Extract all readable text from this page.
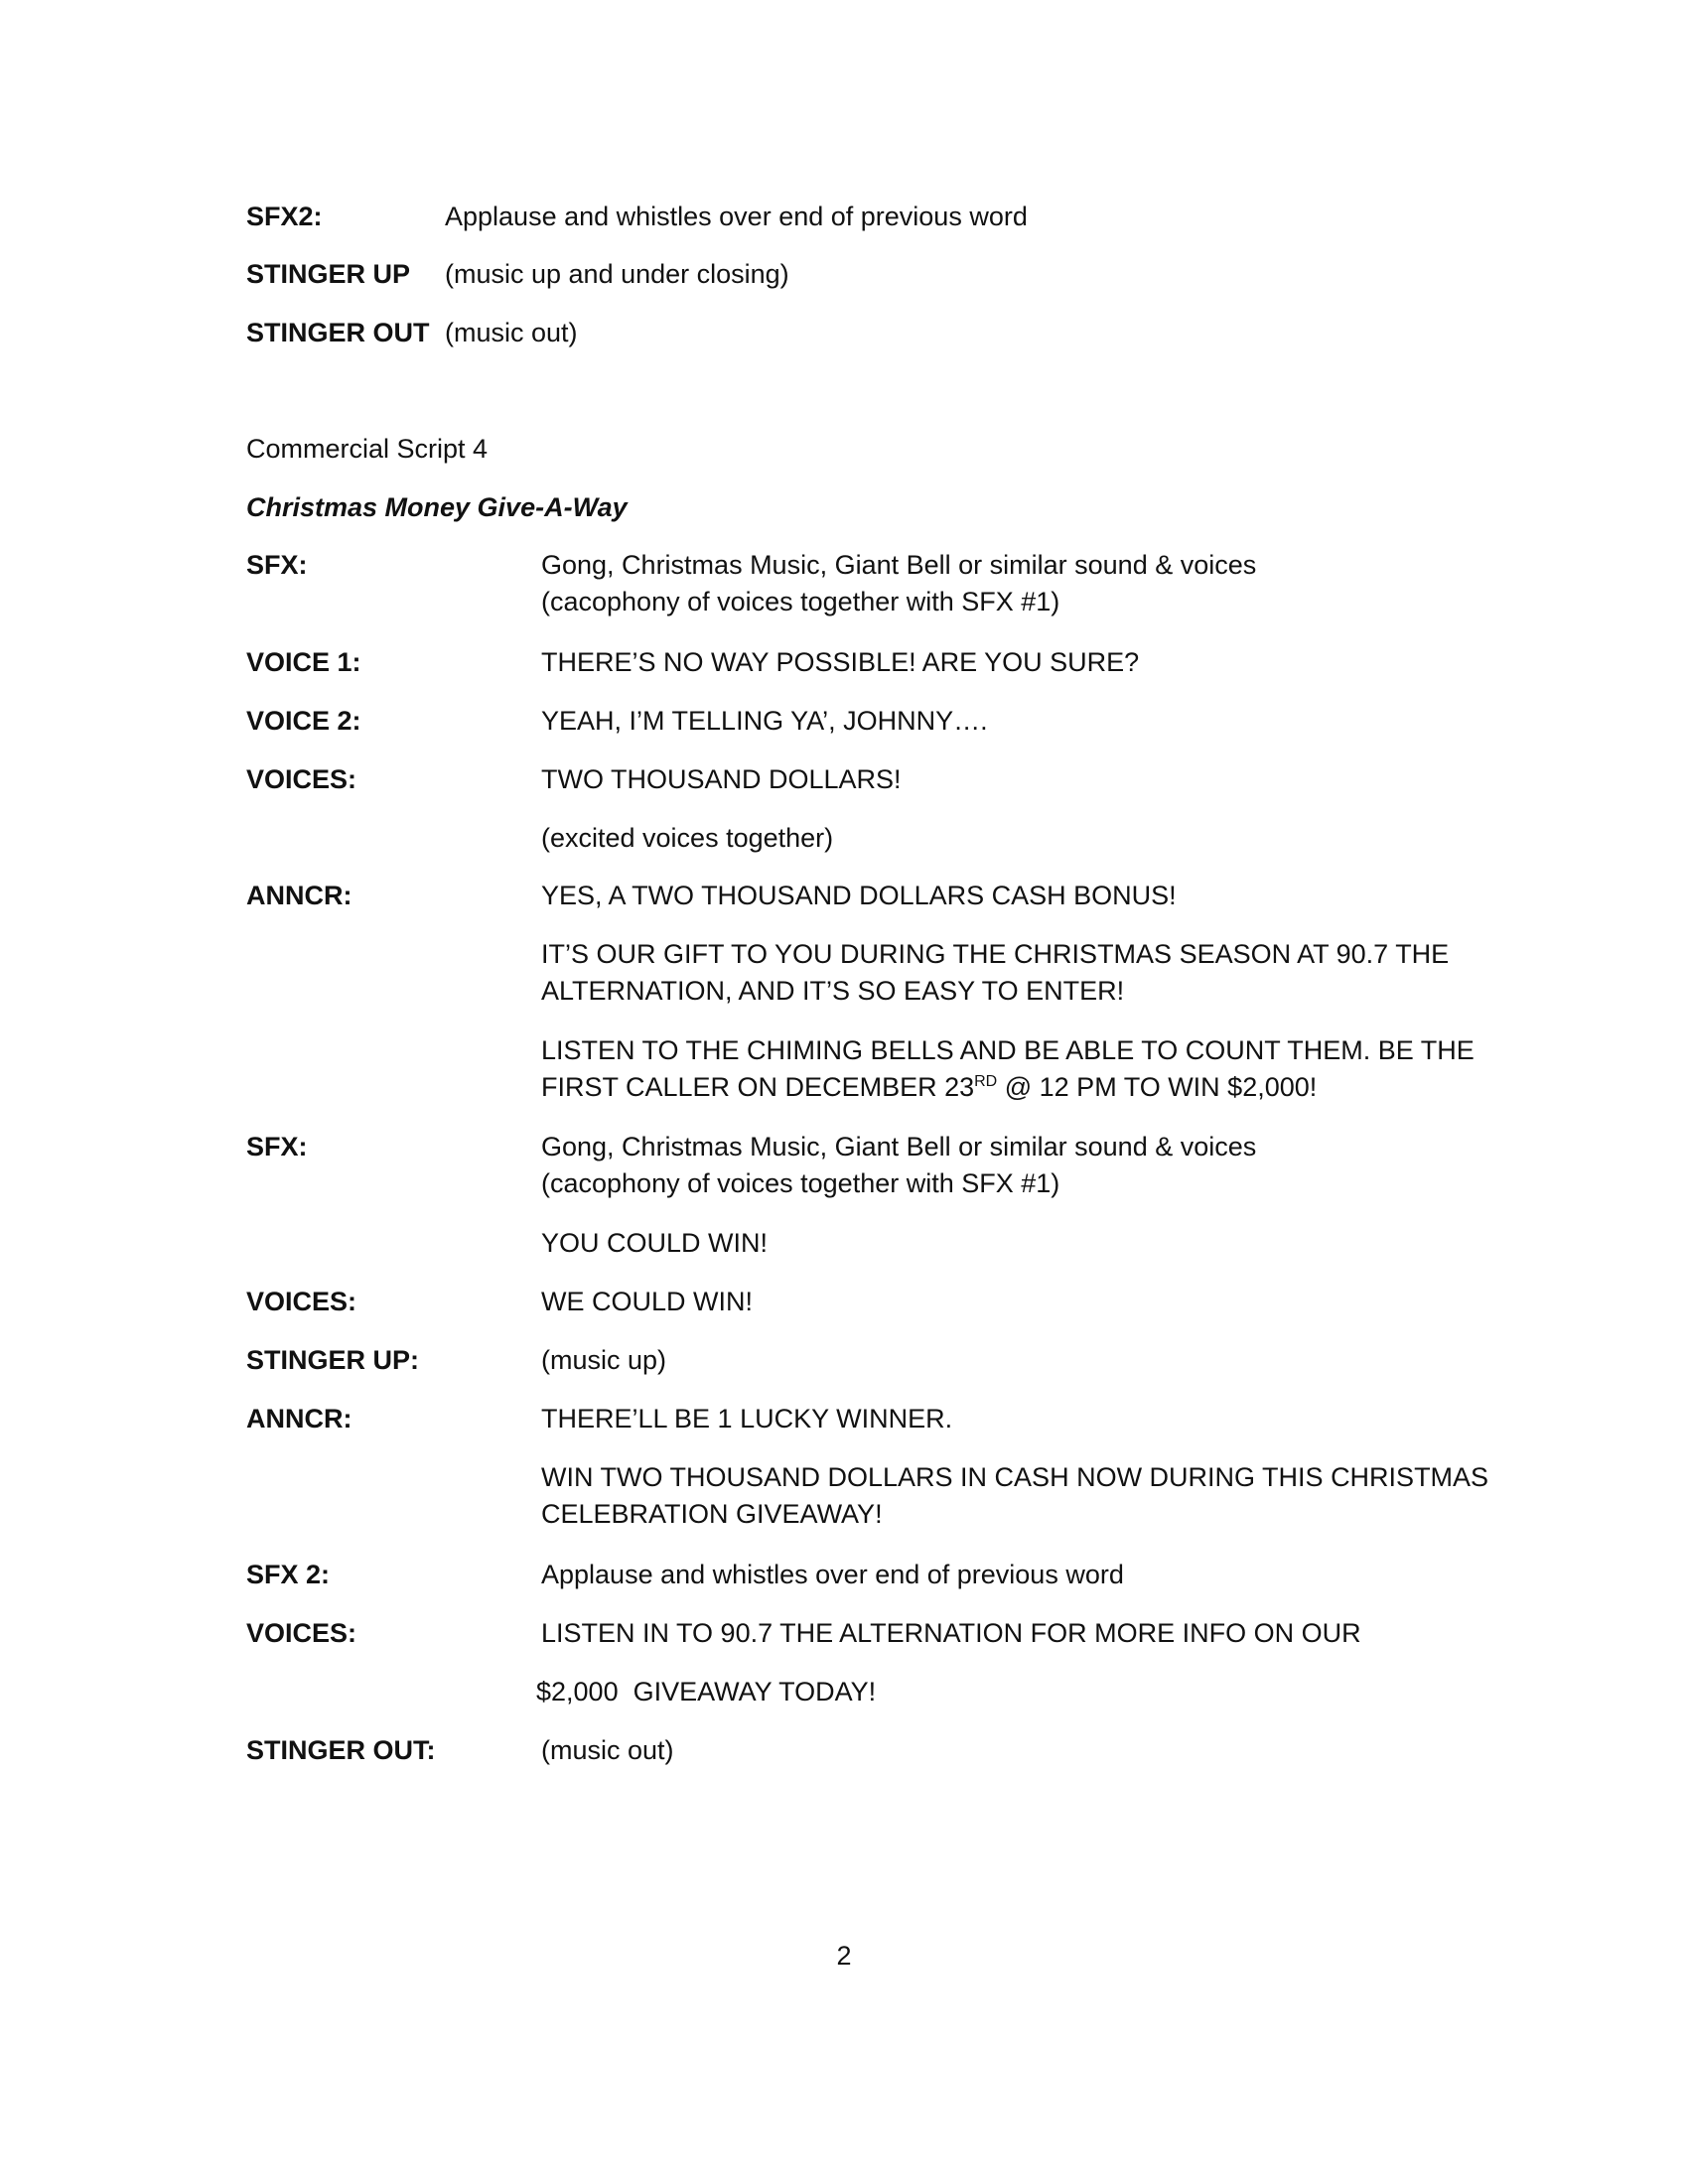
SFX2:	Applause and whistles over end of previous word
STINGER UP (music up and under closing)
STINGER OUT (music out)
Commercial Script 4
Christmas Money Give-A-Way
SFX:	Gong, Christmas Music, Giant Bell or similar sound & voices
(cacophony of voices together with SFX #1)
VOICE 1:	THERE’S NO WAY POSSIBLE! ARE YOU SURE?
VOICE 2:	YEAH, I’M TELLING YA’, JOHNNY….
VOICES:	TWO THOUSAND DOLLARS!
(excited voices together)
ANNCR:	YES, A TWO THOUSAND DOLLARS CASH BONUS!
IT’S OUR GIFT TO YOU DURING THE CHRISTMAS SEASON AT 90.7 THE
ALTERNATION, AND IT’S SO EASY TO ENTER!
LISTEN TO THE CHIMING BELLS AND BE ABLE TO COUNT THEM. BE THE
FIRST CALLER ON DECEMBER 23RD @ 12 PM TO WIN $2,000!
SFX:	Gong, Christmas Music, Giant Bell or similar sound & voices
(cacophony of voices together with SFX #1)
YOU COULD WIN!
VOICES:	WE COULD WIN!
STINGER UP:	(music up)
ANNCR:	THERE’LL BE 1 LUCKY WINNER.
WIN TWO THOUSAND DOLLARS IN CASH NOW DURING THIS CHRISTMAS
CELEBRATION GIVEAWAY!
SFX 2:	Applause and whistles over end of previous word
VOICES:	LISTEN IN TO 90.7 THE ALTERNATION FOR MORE INFO ON OUR
$2,000  GIVEAWAY TODAY!
STINGER OUT:	(music out)
2
